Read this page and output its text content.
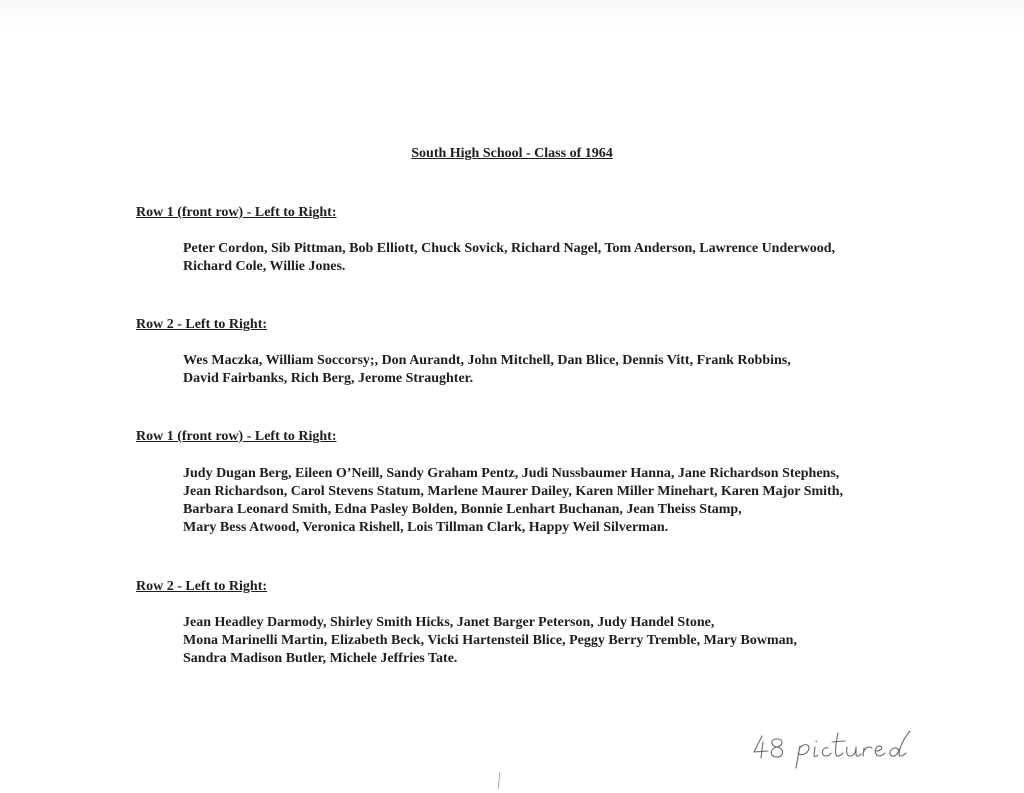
South High School - Class of 1964
Row 1 (front row) - Left to Right:
Peter Cordon, Sib Pittman, Bob Elliott, Chuck Sovick, Richard Nagel, Tom Anderson, Lawrence Underwood,
Richard Cole, Willie Jones.
Row 2 - Left to Right:
Wes Maczka, William Soccorsy;, Don Aurandt, John Mitchell, Dan Blice, Dennis Vitt, Frank Robbins,
David Fairbanks, Rich Berg, Jerome Straughter.
Row 1 (front row) - Left to Right:
Judy Dugan Berg, Eileen O’Neill, Sandy Graham Pentz, Judi Nussbaumer Hanna, Jane Richardson Stephens,
Jean Richardson, Carol Stevens Statum, Marlene Maurer Dailey, Karen Miller Minehart, Karen Major Smith,
Barbara Leonard Smith, Edna Pasley Bolden, Bonnie Lenhart Buchanan, Jean Theiss Stamp,
Mary Bess Atwood, Veronica Rishell, Lois Tillman Clark, Happy Weil Silverman.
Row 2 - Left to Right:
Jean Headley Darmody, Shirley Smith Hicks, Janet Barger Peterson, Judy Handel Stone,
Mona Marinelli Martin, Elizabeth Beck, Vicki Hartensteil Blice, Peggy Berry Tremble, Mary Bowman,
Sandra Madison Butler, Michele Jeffries Tate.
